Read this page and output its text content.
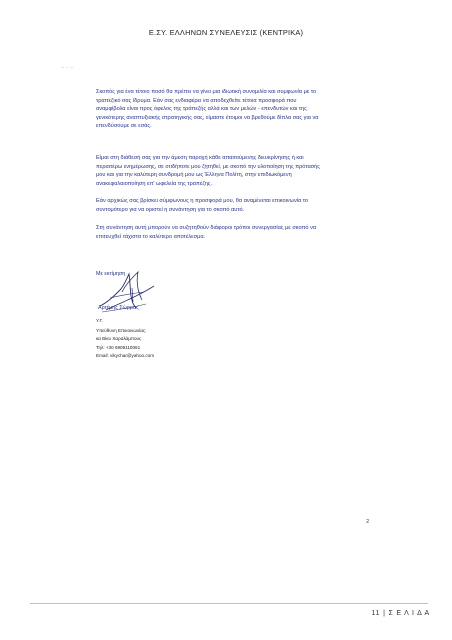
Ε.ΣΥ. ΕΛΛΗΝΩΝ ΣΥΝΕΛΕΥΣΙΣ (ΚΕΝΤΡΙΚΑ)
Σκοπός για ένα τέτοιο ποσό θα πρέπει να γίνει μια ιδιωτική συνομιλία και συμφωνία με το
τραπεζικό σας ίδρυμα. Εάν σας ενδιαφέρει να αποδεχθείτε τέτοια προσφορά που
αναμφίβολα είναι προς όφελος της τράπεζής αλλά και των μελών - επενδυτών και της
γενικότερης αναπτυξιακής στρατηγικής σας, είμαστε έτοιμοι να βρεθούμε δίπλα σας για να
επενδύσουμε σε εσάς.
Είμαι στη διάθεσή σας για την άμεση παροχή κάθε απαιτούμενης διευκρίνησης ή και
περαιτέρω ενημέρωσης, σε οτιδήποτε μου ζητηθεί, με σκοπό την υλοποίηση της πρότασής
μου και για την καλύτερη συνδρομή μου ως Έλληνα Πολίτη, στην επιδιωκόμενη
ανακεφαλαιοποίηση επ' ωφελεία της τραπέζης.
Εάν αρχικώς σας βρίσκει σύμφωνους η προσφορά μου, θα αναμένεται επικοινωνία το
συντομότερο για να οριστεί η συνάντηση για το σκοπό αυτό.
Στη συνάντηση αυτή μπορούν να συζητηθούν διάφοροι τρόποι συνεργασίας με σκοπό να
επιτευχθεί τάχιστα το καλύτερο αποτέλεσμα.
Με εκτίμηση
Αρτέμης Σώρρας
Υ.Γ.
Υπεύθυνη Επικοινωνίας:
κα Βίκυ Χαραλάμπους
Τηλ: +30 6909110061
Email: vikychar@yahoo.com
2
11 | Σ Ε Λ Ι Δ Α
